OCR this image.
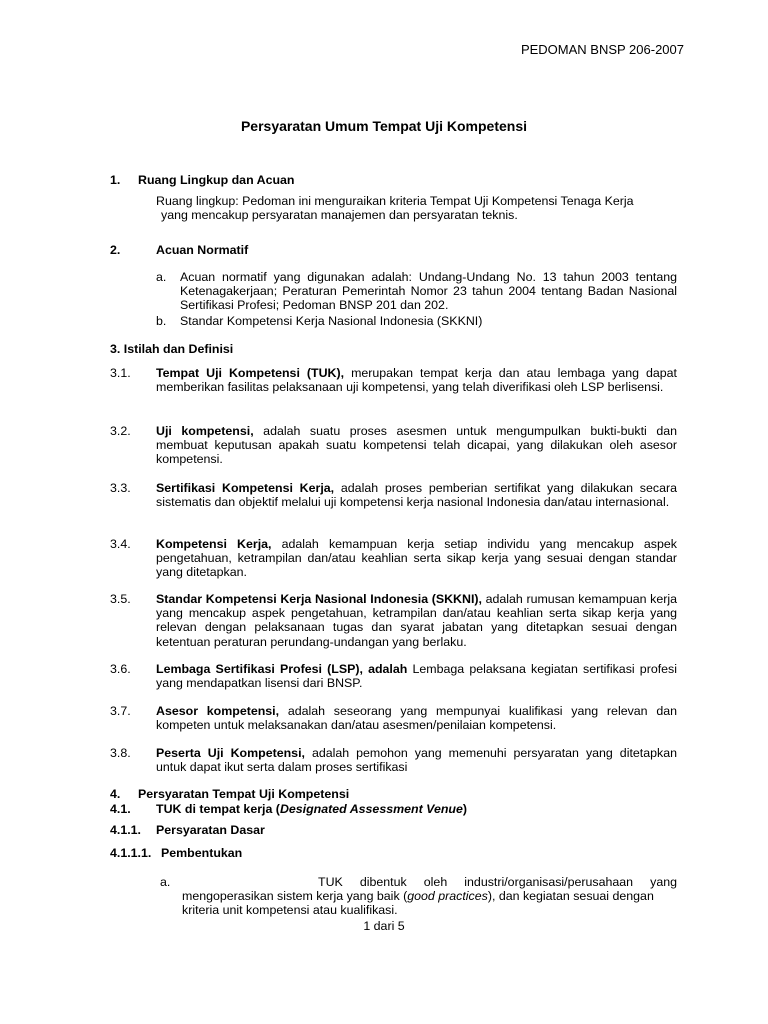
PEDOMAN BNSP 206-2007
Persyaratan Umum Tempat Uji Kompetensi
1. Ruang Lingkup dan Acuan
Ruang lingkup: Pedoman ini menguraikan kriteria Tempat Uji Kompetensi Tenaga Kerja
yang mencakup persyaratan manajemen dan persyaratan teknis.
2.	Acuan Normatif
a. Acuan normatif yang digunakan adalah: Undang-Undang No. 13 tahun 2003 tentang Ketenagakerjaan; Peraturan Pemerintah Nomor 23 tahun 2004 tentang Badan Nasional Sertifikasi Profesi; Pedoman BNSP 201 dan 202.
b. Standar Kompetensi Kerja Nasional Indonesia (SKKNI)
3. Istilah dan Definisi
3.1. Tempat Uji Kompetensi (TUK), merupakan tempat kerja dan atau lembaga yang dapat memberikan fasilitas pelaksanaan uji kompetensi, yang telah diverifikasi oleh LSP berlisensi.
3.2. Uji kompetensi, adalah suatu proses asesmen untuk mengumpulkan bukti-bukti dan membuat keputusan apakah suatu kompetensi telah dicapai, yang dilakukan oleh asesor kompetensi.
3.3. Sertifikasi Kompetensi Kerja, adalah proses pemberian sertifikat yang dilakukan secara sistematis dan objektif melalui uji kompetensi kerja nasional Indonesia dan/atau internasional.
3.4. Kompetensi Kerja, adalah kemampuan kerja setiap individu yang mencakup aspek pengetahuan, ketrampilan dan/atau keahlian serta sikap kerja yang sesuai dengan standar yang ditetapkan.
3.5. Standar Kompetensi Kerja Nasional Indonesia (SKKNI), adalah rumusan kemampuan kerja yang mencakup aspek pengetahuan, ketrampilan dan/atau keahlian serta sikap kerja yang relevan dengan pelaksanaan tugas dan syarat jabatan yang ditetapkan sesuai dengan ketentuan peraturan perundang-undangan yang berlaku.
3.6. Lembaga Sertifikasi Profesi (LSP), adalah Lembaga pelaksana kegiatan sertifikasi profesi yang mendapatkan lisensi dari BNSP.
3.7. Asesor kompetensi, adalah seseorang yang mempunyai kualifikasi yang relevan dan kompeten untuk melaksanakan dan/atau asesmen/penilaian kompetensi.
3.8. Peserta Uji Kompetensi, adalah pemohon yang memenuhi persyaratan yang ditetapkan untuk dapat ikut serta dalam proses sertifikasi
4. Persyaratan Tempat Uji Kompetensi
4.1. TUK di tempat kerja (Designated Assessment Venue)
4.1.1. Persyaratan Dasar
4.1.1.1. Pembentukan
a.	TUK dibentuk oleh industri/organisasi/perusahaan yang
mengoperasikan sistem kerja yang baik (good practices), dan kegiatan sesuai dengan
kriteria unit kompetensi atau kualifikasi.
1 dari 5
